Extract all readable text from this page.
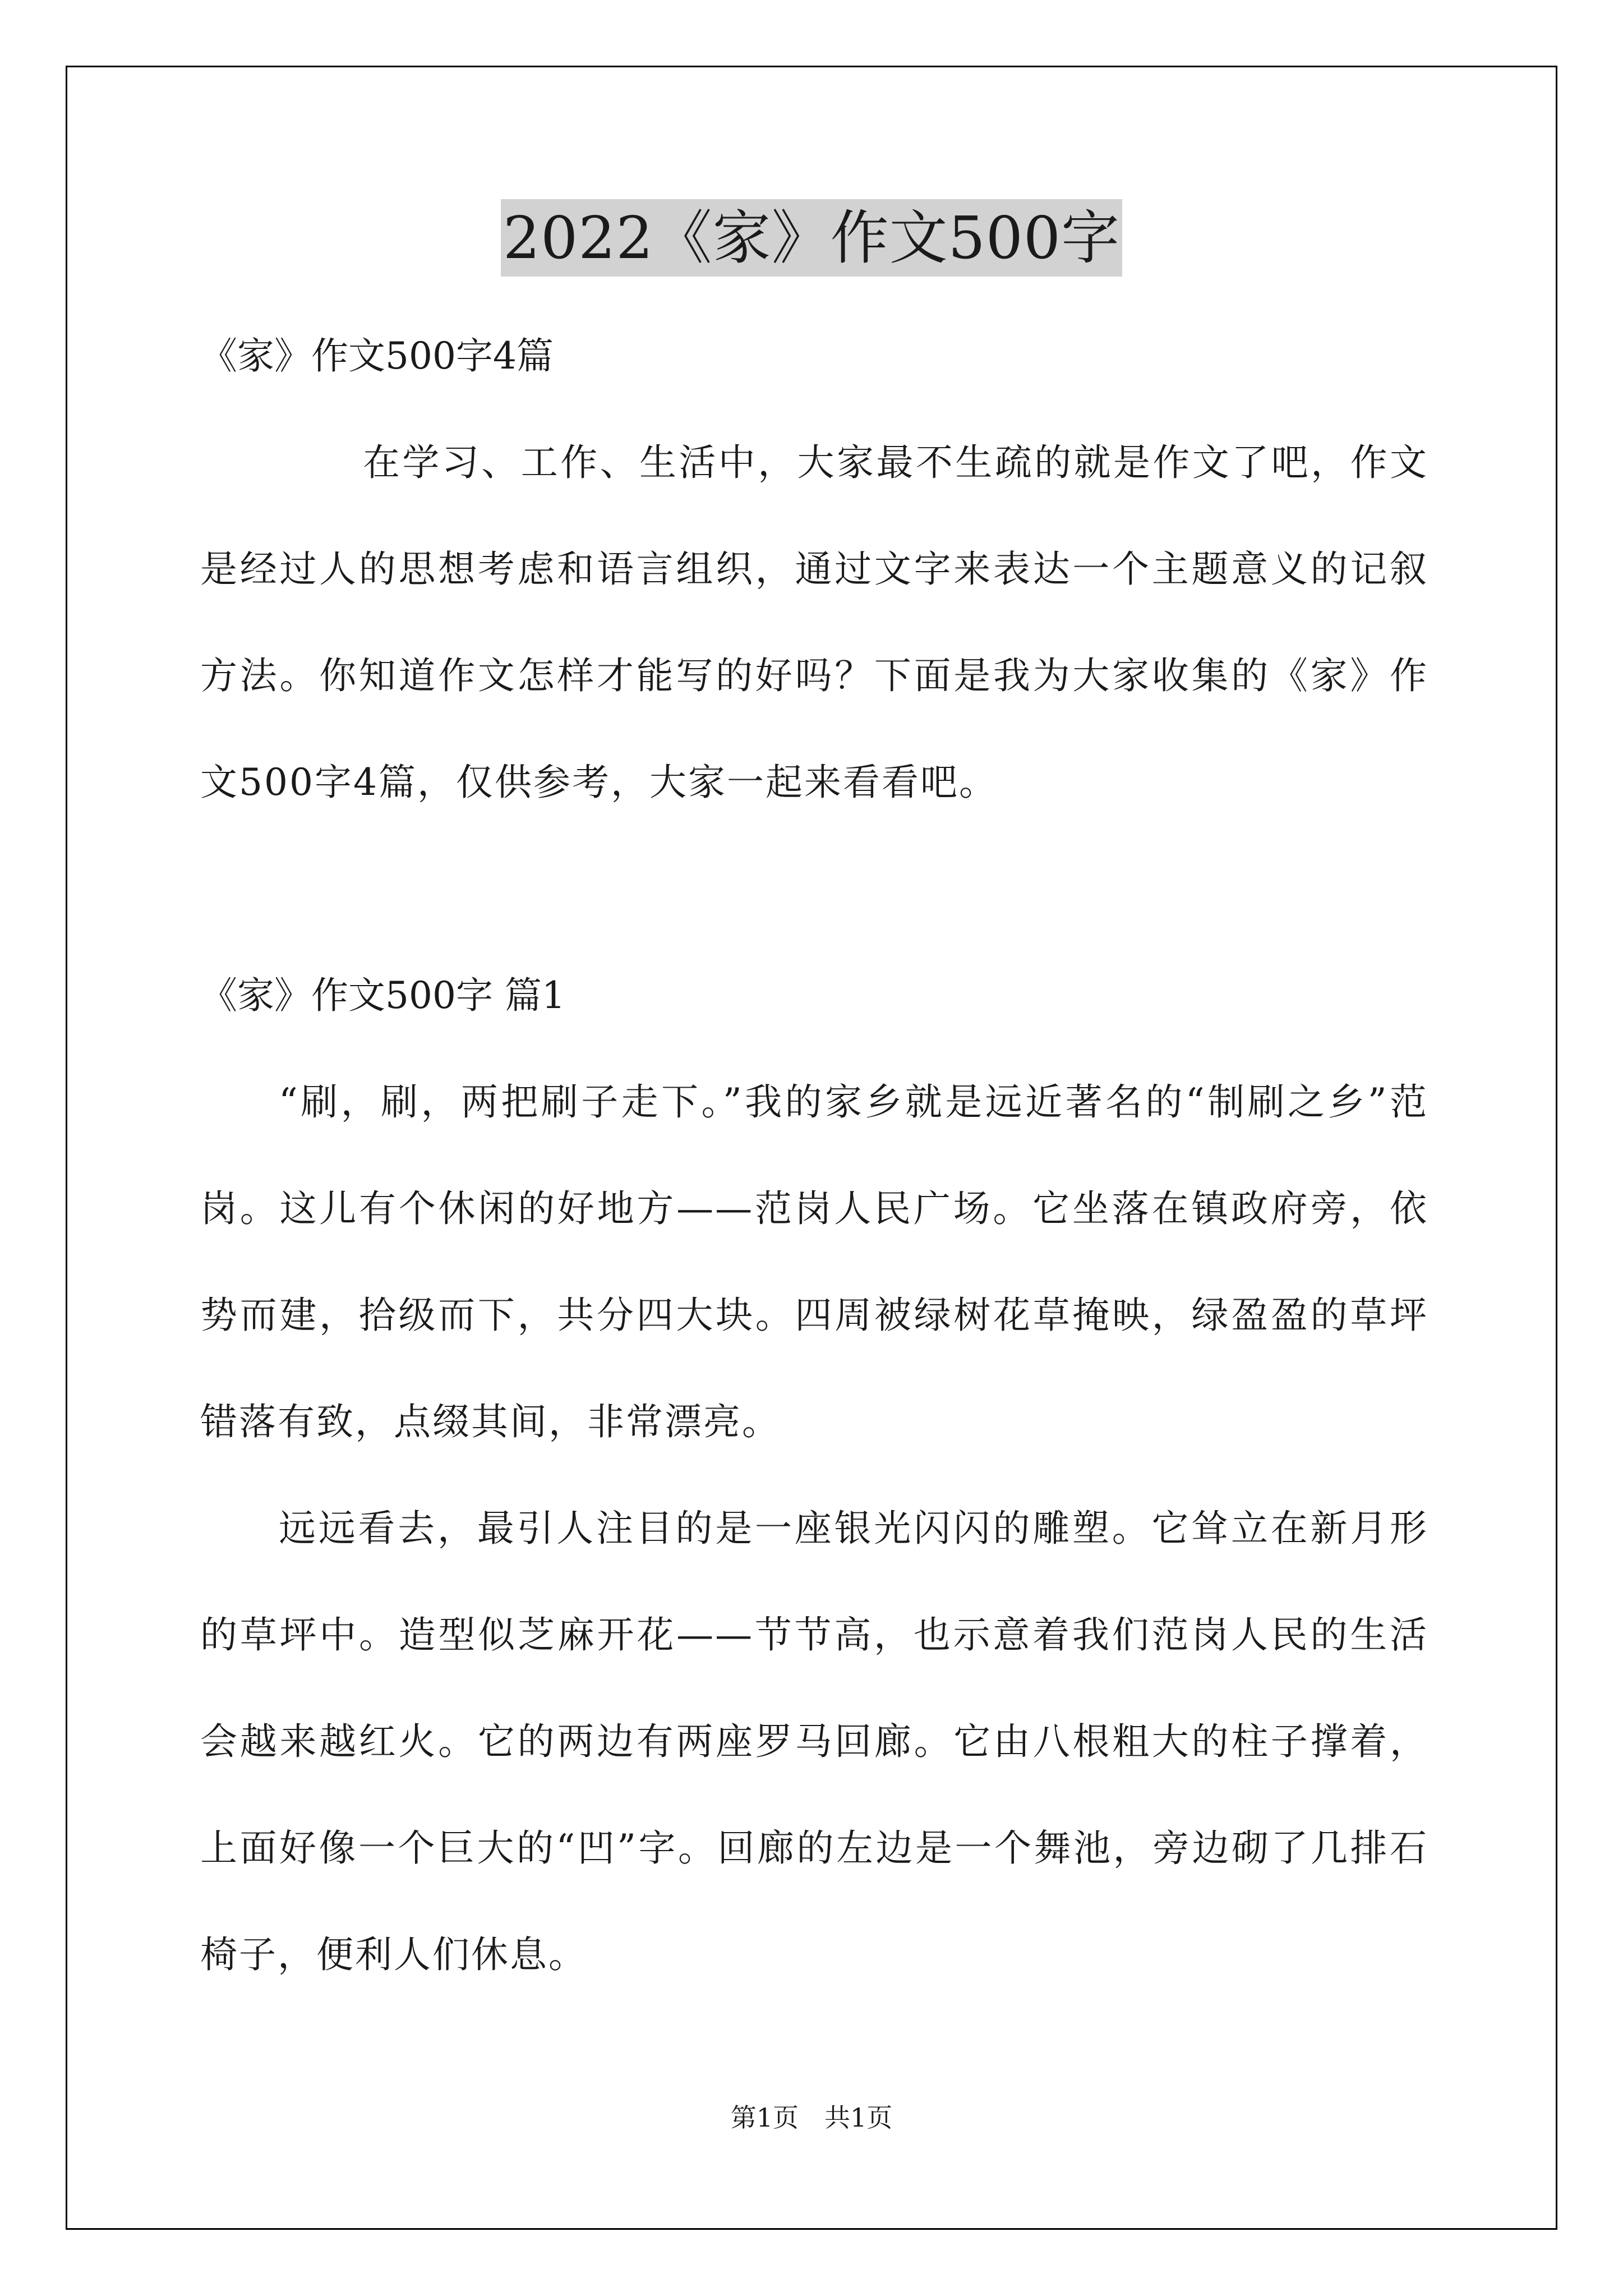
2022《家》作文500字

《家》作文500字4篇

在学习、工作、生活中，大家最不生疏的就是作文了吧，作文是经过人的思想考虑和语言组织，通过文字来表达一个主题意义的记叙方法。你知道作文怎样才能写的好吗？下面是我为大家收集的《家》作文500字4篇，仅供参考，大家一起来看看吧。

《家》作文500字 篇1

“刷，刷，两把刷子走下。”我的家乡就是远近著名的“制刷之乡”范岗。这儿有个休闲的好地方——范岗人民广场。它坐落在镇政府旁，依势而建，拾级而下，共分四大块。四周被绿树花草掩映，绿盈盈的草坪错落有致，点缀其间，非常漂亮。

远远看去，最引人注目的是一座银光闪闪的雕塑。它耸立在新月形的草坪中。造型似芝麻开花——节节高，也示意着我们范岗人民的生活会越来越红火。它的两边有两座罗马回廊。它由八根粗大的柱子撑着，上面好像一个巨大的“凹”字。回廊的左边是一个舞池，旁边砌了几排石椅子，便利人们休息。

第1页　共1页
